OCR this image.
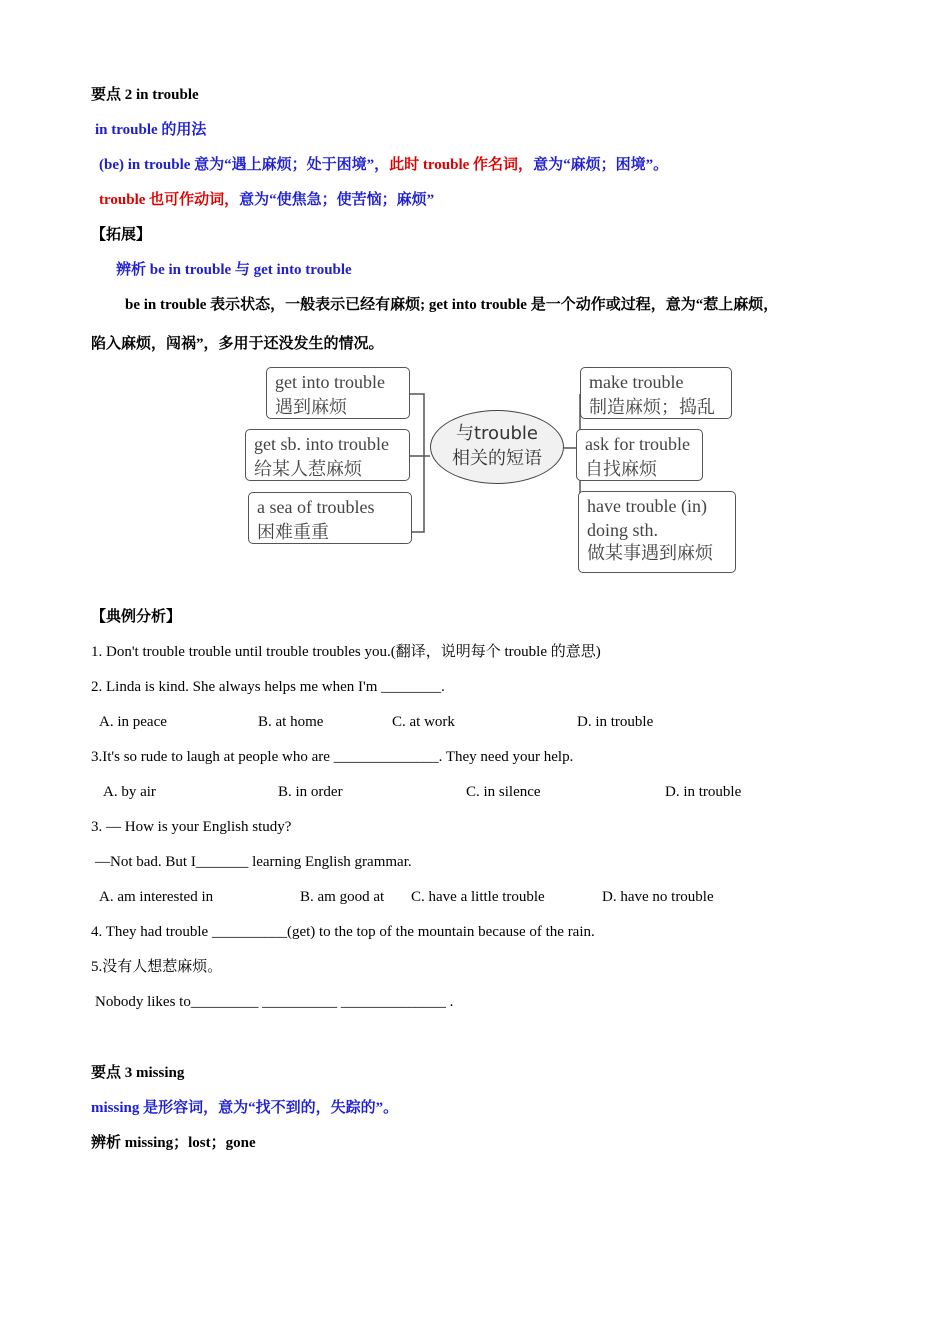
要点 2 in trouble
in trouble 的用法
(be) in trouble 意为“遇上麻烦；处于困境”，此时 trouble 作名词，意为“麻烦；困境”。
trouble 也可作动词，意为“使焦急；使苦恼；麻烦”
【拓展】
辨析 be in trouble 与 get into trouble
be in trouble 表示状态，一般表示已经有麻烦; get into trouble 是一个动作或过程，意为“惹上麻烦，
陷入麻烦，闯祸”，多用于还没发生的情况。
get into trouble
遇到麻烦
get sb. into trouble
给某人惹麻烦
a sea of troubles
困难重重
与trouble
相关的短语
make trouble
制造麻烦；捣乱
ask for trouble
自找麻烦
have trouble (in)
doing sth.
做某事遇到麻烦
【典例分析】
1. Don't trouble trouble until trouble troubles you.(翻译，说明每个 trouble 的意思)
2. Linda is kind. She always helps me when I'm ________.
A. in peace	B. at home	C. at work	D. in trouble
3.It's so rude to laugh at people who are ______________. They need your help.
A. by air	B. in order	C. in silence	D. in trouble
3. — How is your English study?
—Not bad. But I_______ learning English grammar.
A. am interested in	B. am good at C. have a little trouble	D. have no trouble
4. They had trouble __________(get) to the top of the mountain because of the rain.
5.没有人想惹麻烦。
Nobody likes to_________ __________ ______________ .
要点 3 missing
missing 是形容词，意为“找不到的，失踪的”。
辨析 missing；lost；gone
